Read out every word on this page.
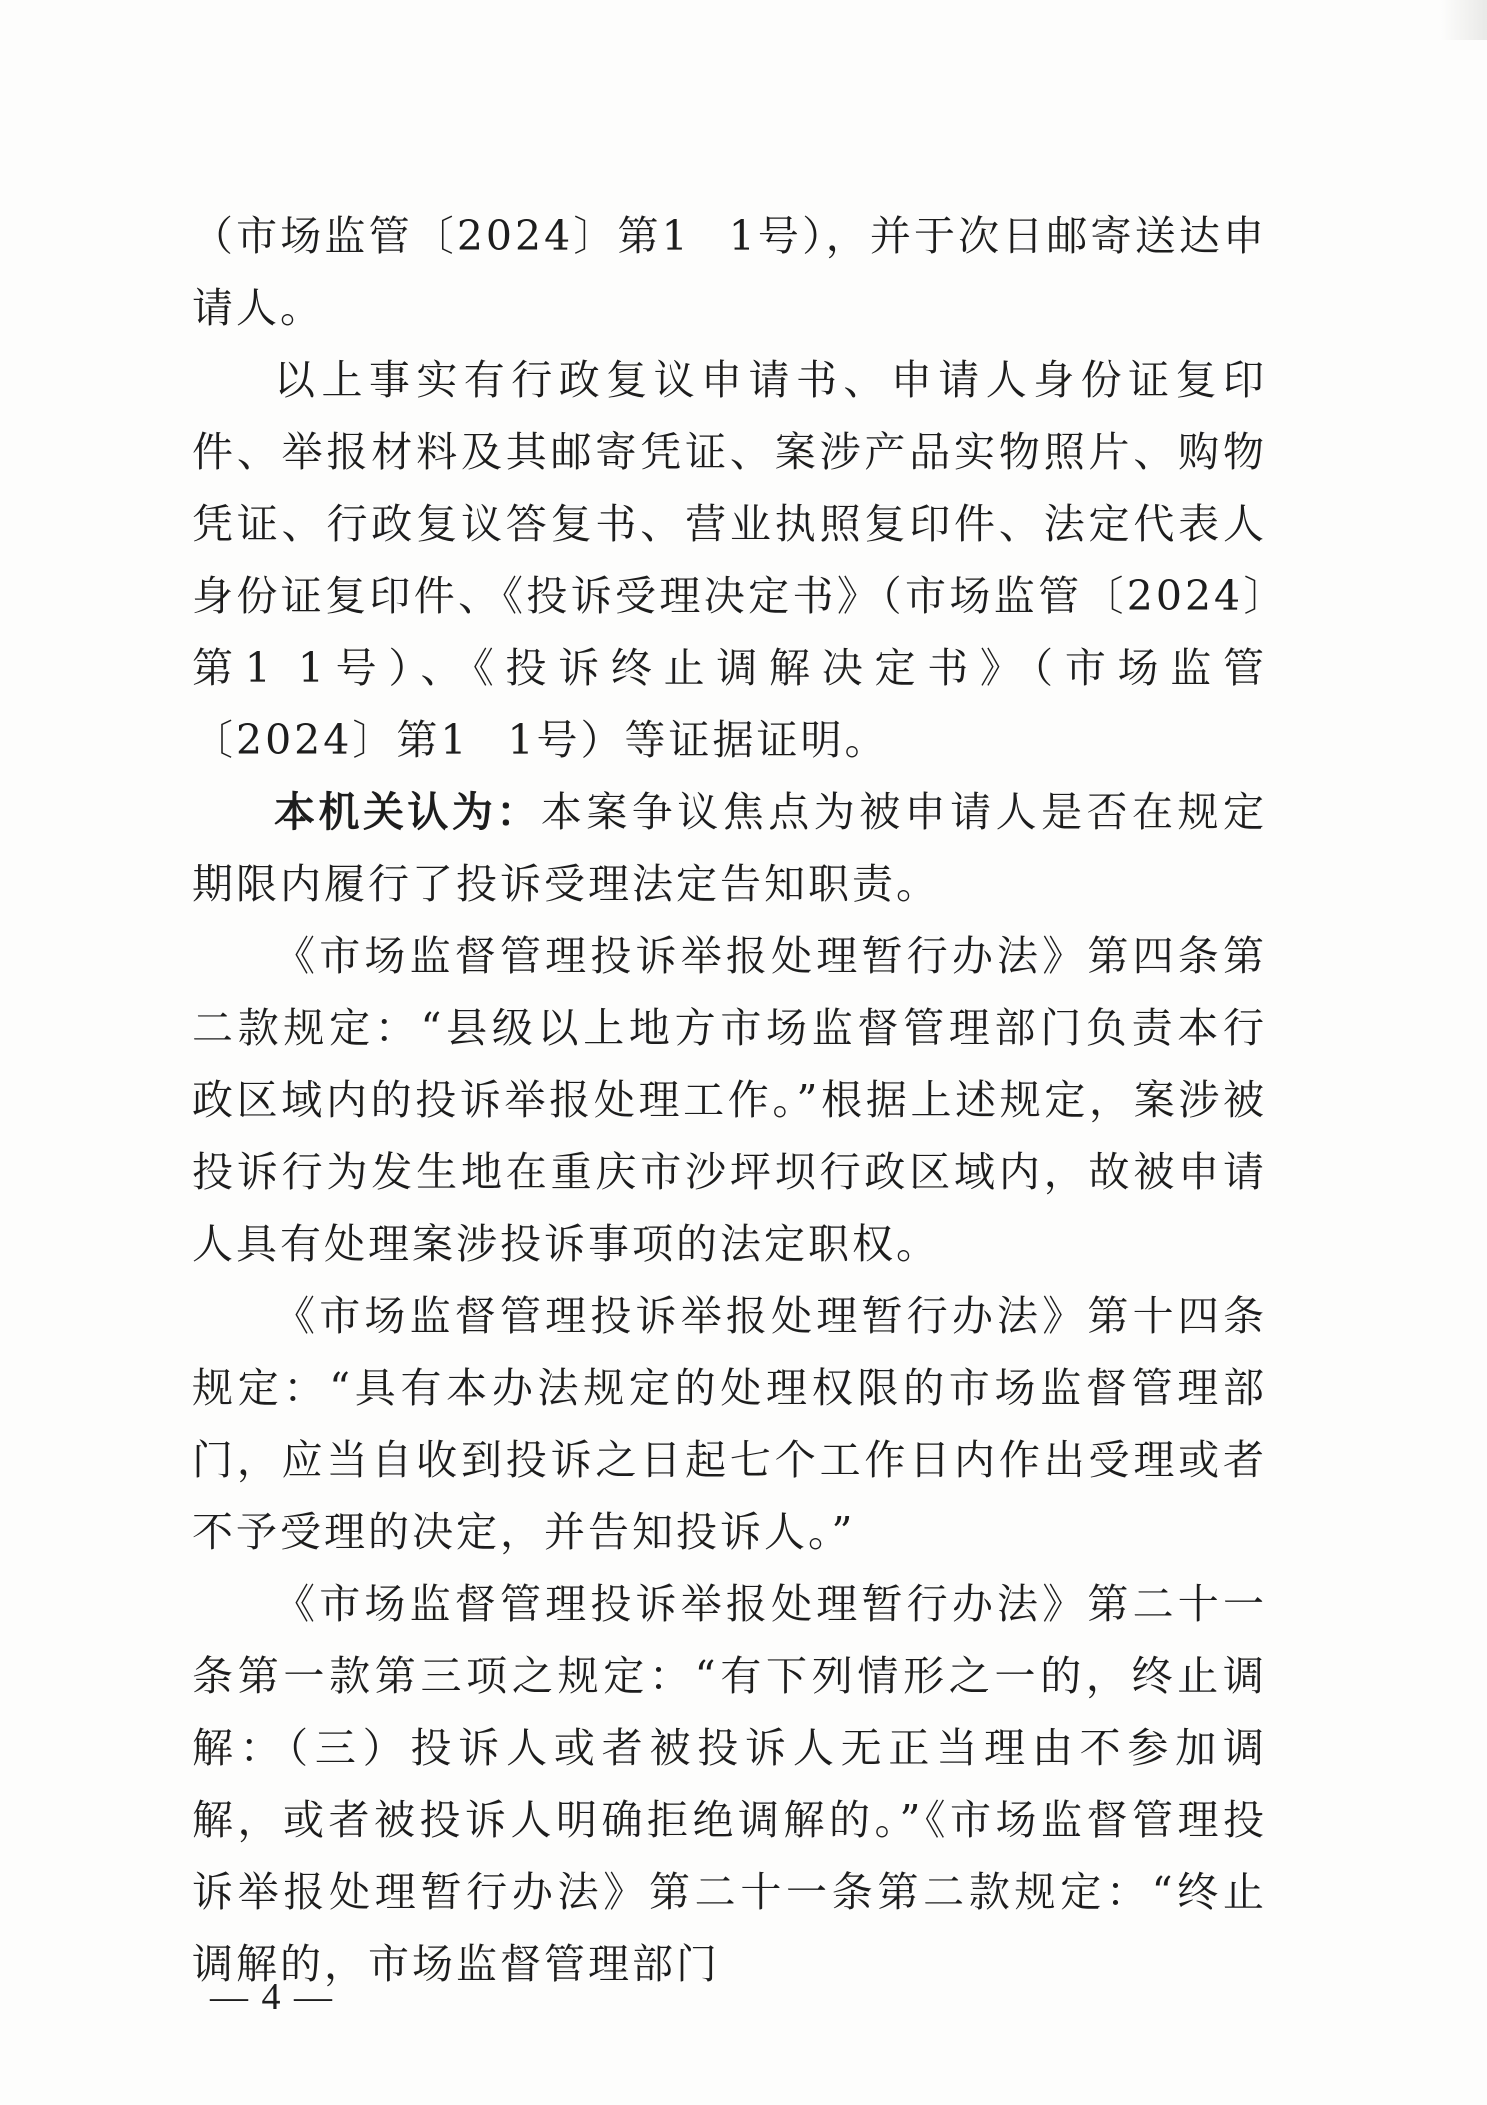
（市场监管〔2024〕第1 1号），并于次日邮寄送达申请人。

以上事实有行政复议申请书、申请人身份证复印件、举报材料及其邮寄凭证、案涉产品实物照片、购物凭证、行政复议答复书、营业执照复印件、法定代表人身份证复印件、《投诉受理决定书》（市场监管〔2024〕第1 1号）、《投诉终止调解决定书》（市场监管〔2024〕第1 1号）等证据证明。

本机关认为：本案争议焦点为被申请人是否在规定期限内履行了投诉受理法定告知职责。

《市场监督管理投诉举报处理暂行办法》第四条第二款规定：“县级以上地方市场监督管理部门负责本行政区域内的投诉举报处理工作。”根据上述规定，案涉被投诉行为发生地在重庆市沙坪坝行政区域内，故被申请人具有处理案涉投诉事项的法定职权。

《市场监督管理投诉举报处理暂行办法》第十四条规定：“具有本办法规定的处理权限的市场监督管理部门，应当自收到投诉之日起七个工作日内作出受理或者不予受理的决定，并告知投诉人。”

《市场监督管理投诉举报处理暂行办法》第二十一条第一款第三项之规定：“有下列情形之一的，终止调解：（三）投诉人或者被投诉人无正当理由不参加调解，或者被投诉人明确拒绝调解的。”《市场监督管理投诉举报处理暂行办法》第二十一条第二款规定：“终止调解的，市场监督管理部门

— 4 —
